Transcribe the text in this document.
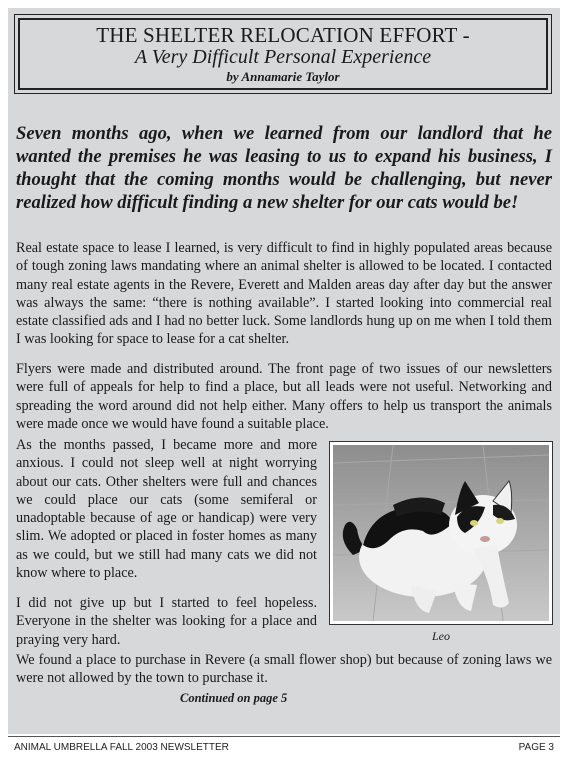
THE SHELTER RELOCATION EFFORT -
A Very Difficult Personal Experience
by Annamarie Taylor

Seven months ago, when we learned from our landlord that he wanted the premises he was leasing to us to expand his business, I thought that the coming months would be challenging, but never realized how difficult finding a new shelter for our cats would be!

Real estate space to lease I learned, is very difficult to find in highly populated areas because of tough zoning laws mandating where an animal shelter is allowed to be located. I contacted many real estate agents in the Revere, Everett and Malden areas day after day but the answer was always the same: “there is nothing available”. I started looking into commercial real estate classified ads and I had no better luck. Some landlords hung up on me when I told them I was looking for space to lease for a cat shelter.

Flyers were made and distributed around. The front page of two issues of our newsletters were full of appeals for help to find a place, but all leads were not useful. Networking and spreading the word around did not help either. Many offers to help us transport the animals were made once we would have found a suitable place.

As the months passed, I became more and more anxious. I could not sleep well at night worrying about our cats. Other shelters were full and chances we could place our cats (some semiferal or unadoptable because of age or handicap) were very slim. We adopted or placed in foster homes as many as we could, but we still had many cats we did not know where to place.

I did not give up but I started to feel hopeless. Everyone in the shelter was looking for a place and praying very hard.

We found a place to purchase in Revere (a small flower shop) but because of zoning laws we were not allowed by the town to purchase it.

Leo
Continued on page 5
ANIMAL UMBRELLA FALL 2003 NEWSLETTER	PAGE 3
